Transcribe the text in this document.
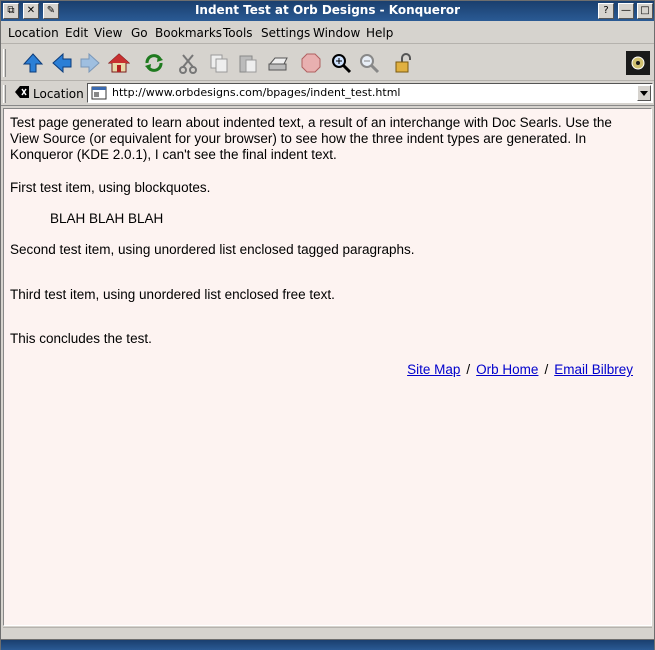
⧉	✕	✎	Indent Test at Orb Designs - Konqueror	?	— □
Location Edit View Go Bookmarks Tools Settings Window Help
Location	http://www.orbdesigns.com/bpages/indent_test.html

Test page generated to learn about indented text, a result of an interchange with Doc Searls. Use the View Source (or equivalent for your browser) to see how the three indent types are generated. In Konqueror (KDE 2.0.1), I can't see the final indent text.

First test item, using blockquotes.

BLAH BLAH BLAH

Second test item, using unordered list enclosed tagged paragraphs.

Third test item, using unordered list enclosed free text.

This concludes the test.

Site Map / Orb Home / Email Bilbrey
